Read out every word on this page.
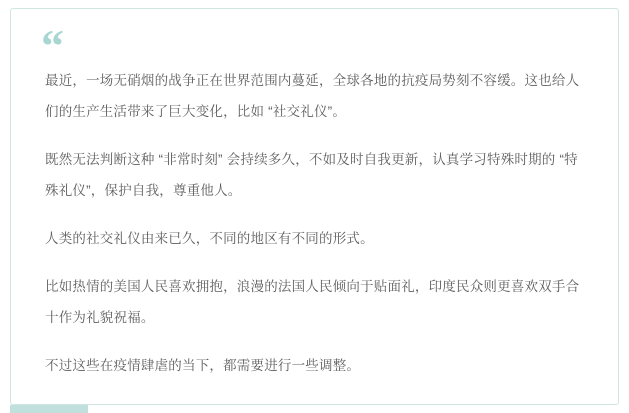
“

最近，一场无硝烟的战争正在世界范围内蔓延，全球各地的抗疫局势刻不容缓。这也给人们的生产生活带来了巨大变化，比如 “社交礼仪”。

既然无法判断这种 “非常时刻” 会持续多久，不如及时自我更新，认真学习特殊时期的 “特殊礼仪”，保护自我，尊重他人。

人类的社交礼仪由来已久，不同的地区有不同的形式。

比如热情的美国人民喜欢拥抱，浪漫的法国人民倾向于贴面礼，印度民众则更喜欢双手合十作为礼貌祝福。

不过这些在疫情肆虐的当下，都需要进行一些调整。
